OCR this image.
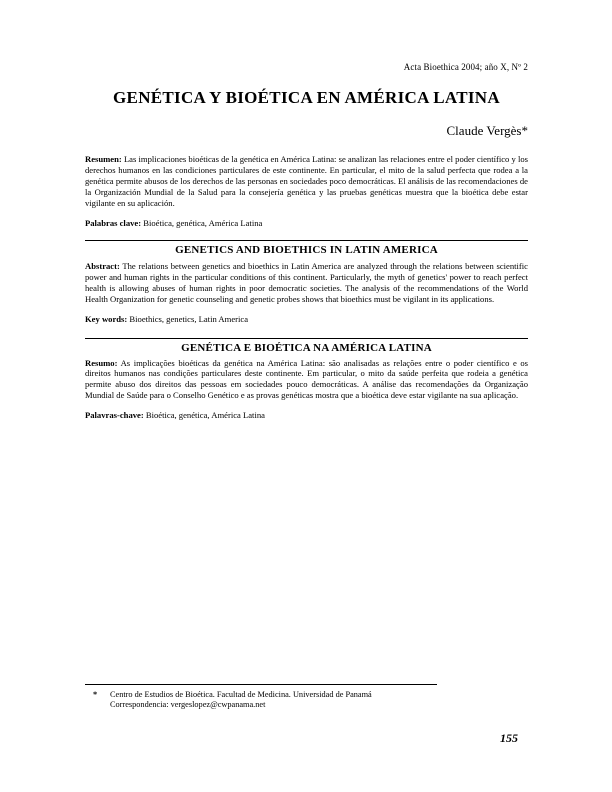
Acta Bioethica 2004; año X, Nº 2
GENÉTICA Y BIOÉTICA EN AMÉRICA LATINA
Claude Vergès*

Resumen: Las implicaciones bioéticas de la genética en América Latina: se analizan las relaciones entre el poder científico y los derechos humanos en las condiciones particulares de este continente. En particular, el mito de la salud perfecta que rodea a la genética permite abusos de los derechos de las personas en sociedades poco democráticas. El análisis de las recomendaciones de la Organización Mundial de la Salud para la consejería genética y las pruebas genéticas muestra que la bioética debe estar vigilante en su aplicación.

Palabras clave: Bioética, genética, América Latina

GENETICS AND BIOETHICS IN LATIN AMERICA

Abstract: The relations between genetics and bioethics in Latin America are analyzed through the relations between scientific power and human rights in the particular conditions of this continent. Particularly, the myth of genetics' power to reach perfect health is allowing abuses of human rights in poor democratic societies. The analysis of the recommendations of the World Health Organization for genetic counseling and genetic probes shows that bioethics must be vigilant in its applications.

Key words: Bioethics, genetics, Latin America

GENÉTICA E BIOÉTICA NA AMÉRICA LATINA

Resumo: As implicações bioéticas da genética na América Latina: são analisadas as relações entre o poder científico e os direitos humanos nas condições particulares deste continente. Em particular, o mito da saúde perfeita que rodeia a genética permite abuso dos direitos das pessoas em sociedades pouco democráticas. A análise das recomendações da Organização Mundial de Saúde para o Conselho Genético e as provas genéticas mostra que a bioética deve estar vigilante na sua aplicação.

Palavras-chave: Bioética, genética, América Latina

*	Centro de Estudios de Bioética. Facultad de Medicina. Universidad de Panamá
Correspondencia: vergeslopez@cwpanama.net
155
